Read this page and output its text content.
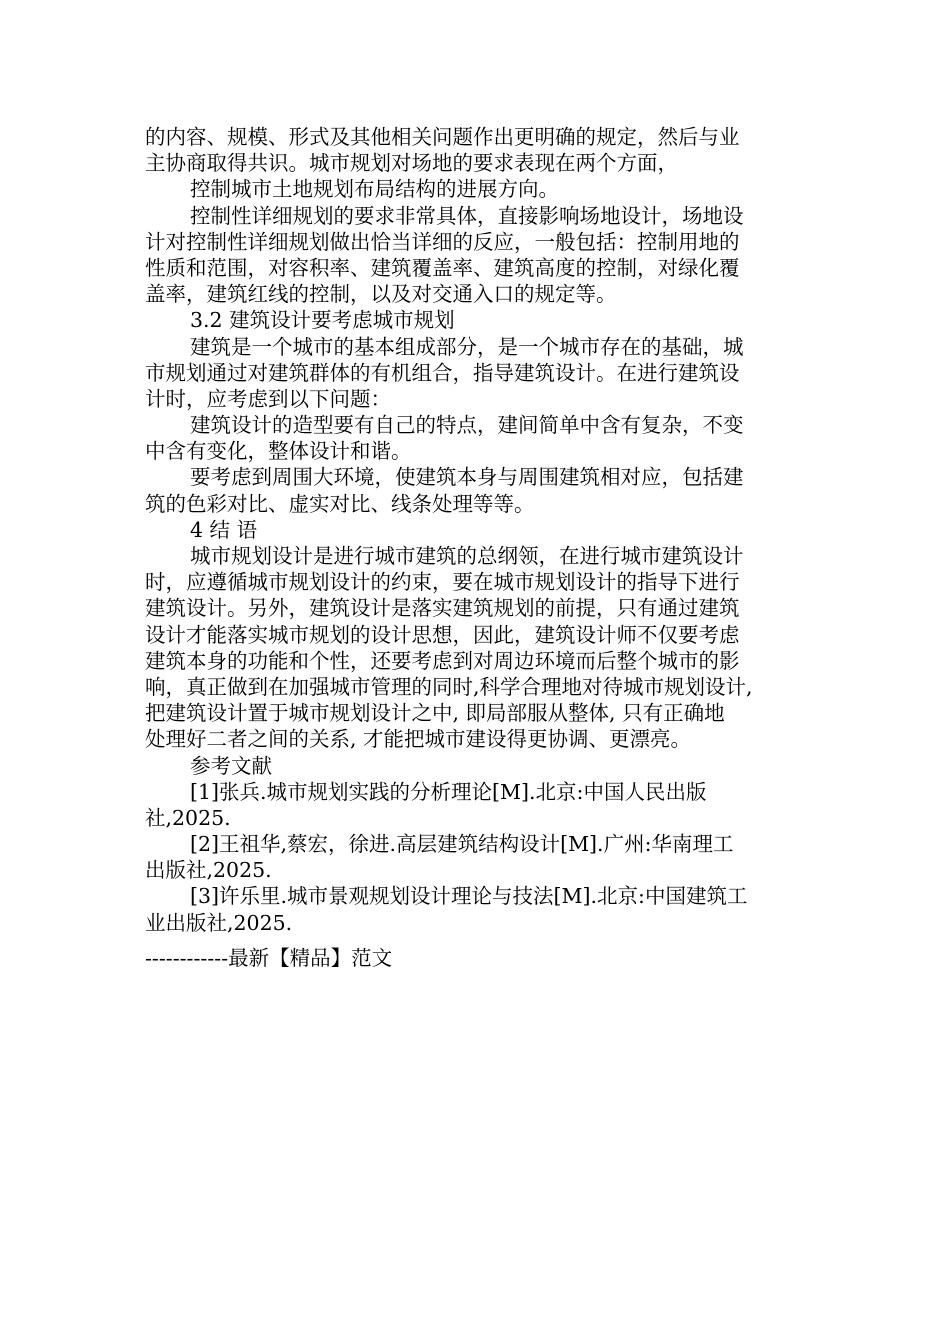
的内容、规模、形式及其他相关问题作出更明确的规定，然后与业
主协商取得共识。城市规划对场地的要求表现在两个方面，
控制城市土地规划布局结构的进展方向。
控制性详细规划的要求非常具体，直接影响场地设计，场地设
计对控制性详细规划做出恰当详细的反应，一般包括：控制用地的
性质和范围，对容积率、建筑覆盖率、建筑高度的控制，对绿化覆
盖率，建筑红线的控制，以及对交通入口的规定等。
3.2 建筑设计要考虑城市规划
建筑是一个城市的基本组成部分，是一个城市存在的基础，城
市规划通过对建筑群体的有机组合，指导建筑设计。在进行建筑设
计时，应考虑到以下问题：
建筑设计的造型要有自己的特点，建间简单中含有复杂，不变
中含有变化，整体设计和谐。
要考虑到周围大环境，使建筑本身与周围建筑相对应，包括建
筑的色彩对比、虚实对比、线条处理等等。
4 结 语
城市规划设计是进行城市建筑的总纲领，在进行城市建筑设计
时，应遵循城市规划设计的约束，要在城市规划设计的指导下进行
建筑设计。另外，建筑设计是落实建筑规划的前提，只有通过建筑
设计才能落实城市规划的设计思想，因此，建筑设计师不仅要考虑
建筑本身的功能和个性，还要考虑到对周边环境而后整个城市的影
响，真正做到在加强城市管理的同时,科学合理地对待城市规划设计,
把建筑设计置于城市规划设计之中, 即局部服从整体, 只有正确地
处理好二者之间的关系, 才能把城市建设得更协调、更漂亮。
参考文献
[1]张兵.城市规划实践的分析理论[M].北京:中国人民出版
社,2025.
[2]王祖华,蔡宏，徐进.高层建筑结构设计[M].广州:华南理工
出版社,2025.
[3]许乐里.城市景观规划设计理论与技法[M].北京:中国建筑工
业出版社,2025.
------------最新【精品】范文
